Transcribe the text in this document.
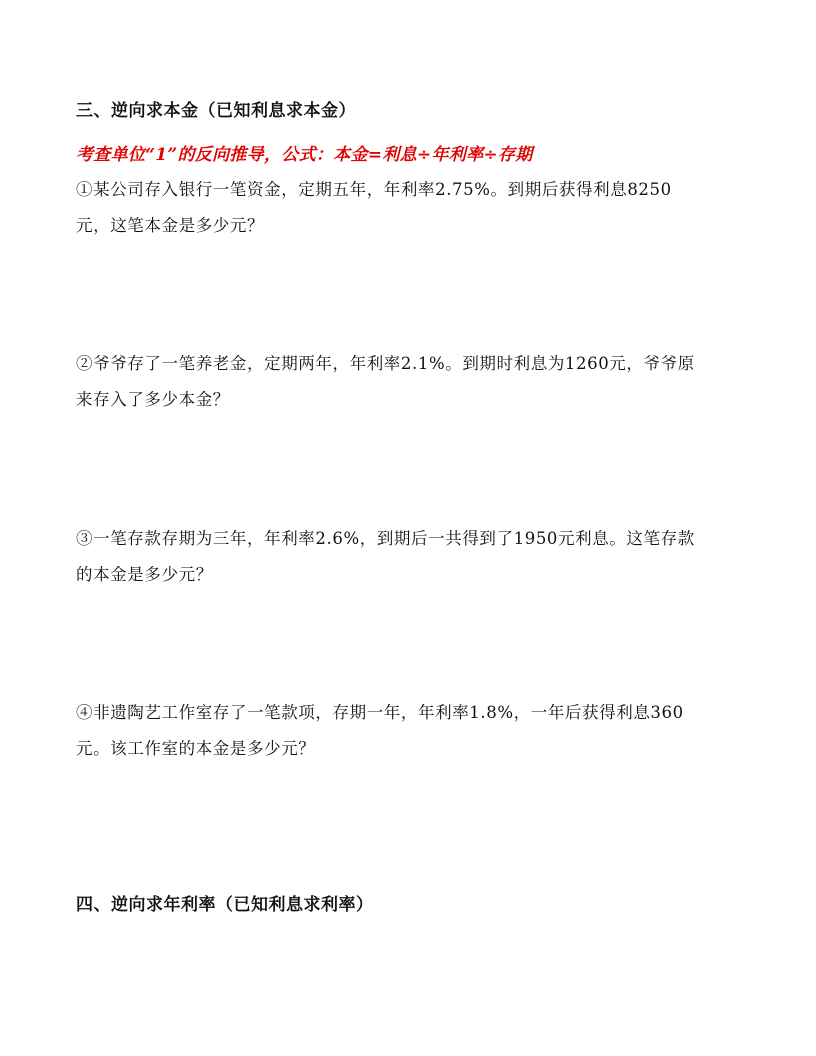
三、逆向求本金（已知利息求本金）
考查单位“1”的反向推导，公式：本金=利息÷年利率÷存期
①某公司存入银行一笔资金，定期五年，年利率2.75%。到期后获得利息8250
元，这笔本金是多少元？
②爷爷存了一笔养老金，定期两年，年利率2.1%。到期时利息为1260元，爷爷原
来存入了多少本金？
③一笔存款存期为三年，年利率2.6%，到期后一共得到了1950元利息。这笔存款
的本金是多少元？
④非遗陶艺工作室存了一笔款项，存期一年，年利率1.8%，一年后获得利息360
元。该工作室的本金是多少元？
四、逆向求年利率（已知利息求利率）
